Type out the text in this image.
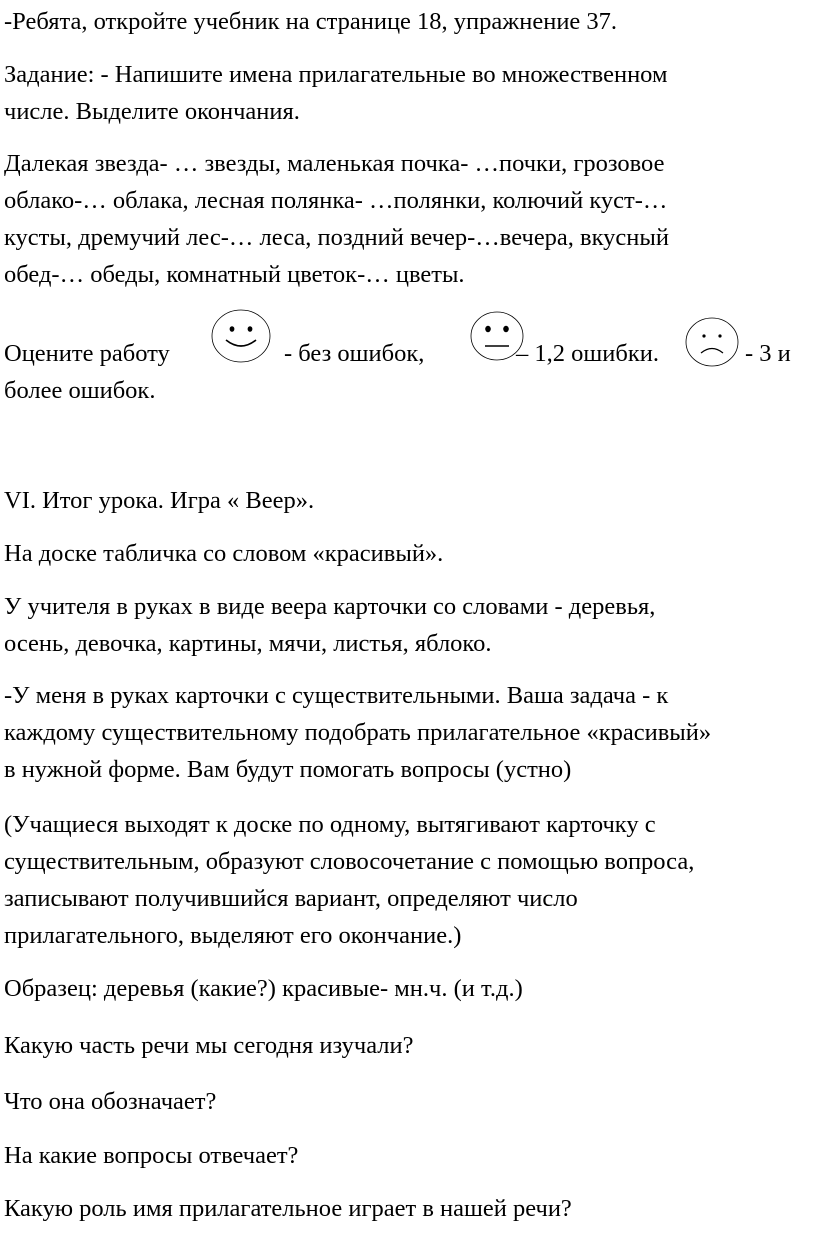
-Ребята, откройте учебник на странице 18, упражнение 37.
Задание: - Напишите имена прилагательные во множественном
числе. Выделите окончания.
Далекая звезда- … звезды, маленькая почка- …почки, грозовое
облако-… облака, лесная полянка- …полянки, колючий куст-…
кусты, дремучий лес-… леса, поздний вечер-…вечера, вкусный
обед-… обеды, комнатный цветок-… цветы.
Оцените работу	- без ошибок,	– 1,2 ошибки.	- 3 и
более ошибок.
VI. Итог урока. Игра « Веер».
На доске табличка со словом «красивый».
У учителя в руках в виде веера карточки со словами - деревья,
осень, девочка, картины, мячи, листья, яблоко.
-У меня в руках карточки с существительными. Ваша задача - к
каждому существительному подобрать прилагательное «красивый»
в нужной форме. Вам будут помогать вопросы (устно)
(Учащиеся выходят к доске по одному, вытягивают карточку с
существительным, образуют словосочетание с помощью вопроса,
записывают получившийся вариант, определяют число
прилагательного, выделяют его окончание.)
Образец: деревья (какие?) красивые- мн.ч. (и т.д.)
Какую часть речи мы сегодня изучали?
Что она обозначает?
На какие вопросы отвечает?
Какую роль имя прилагательное играет в нашей речи?
